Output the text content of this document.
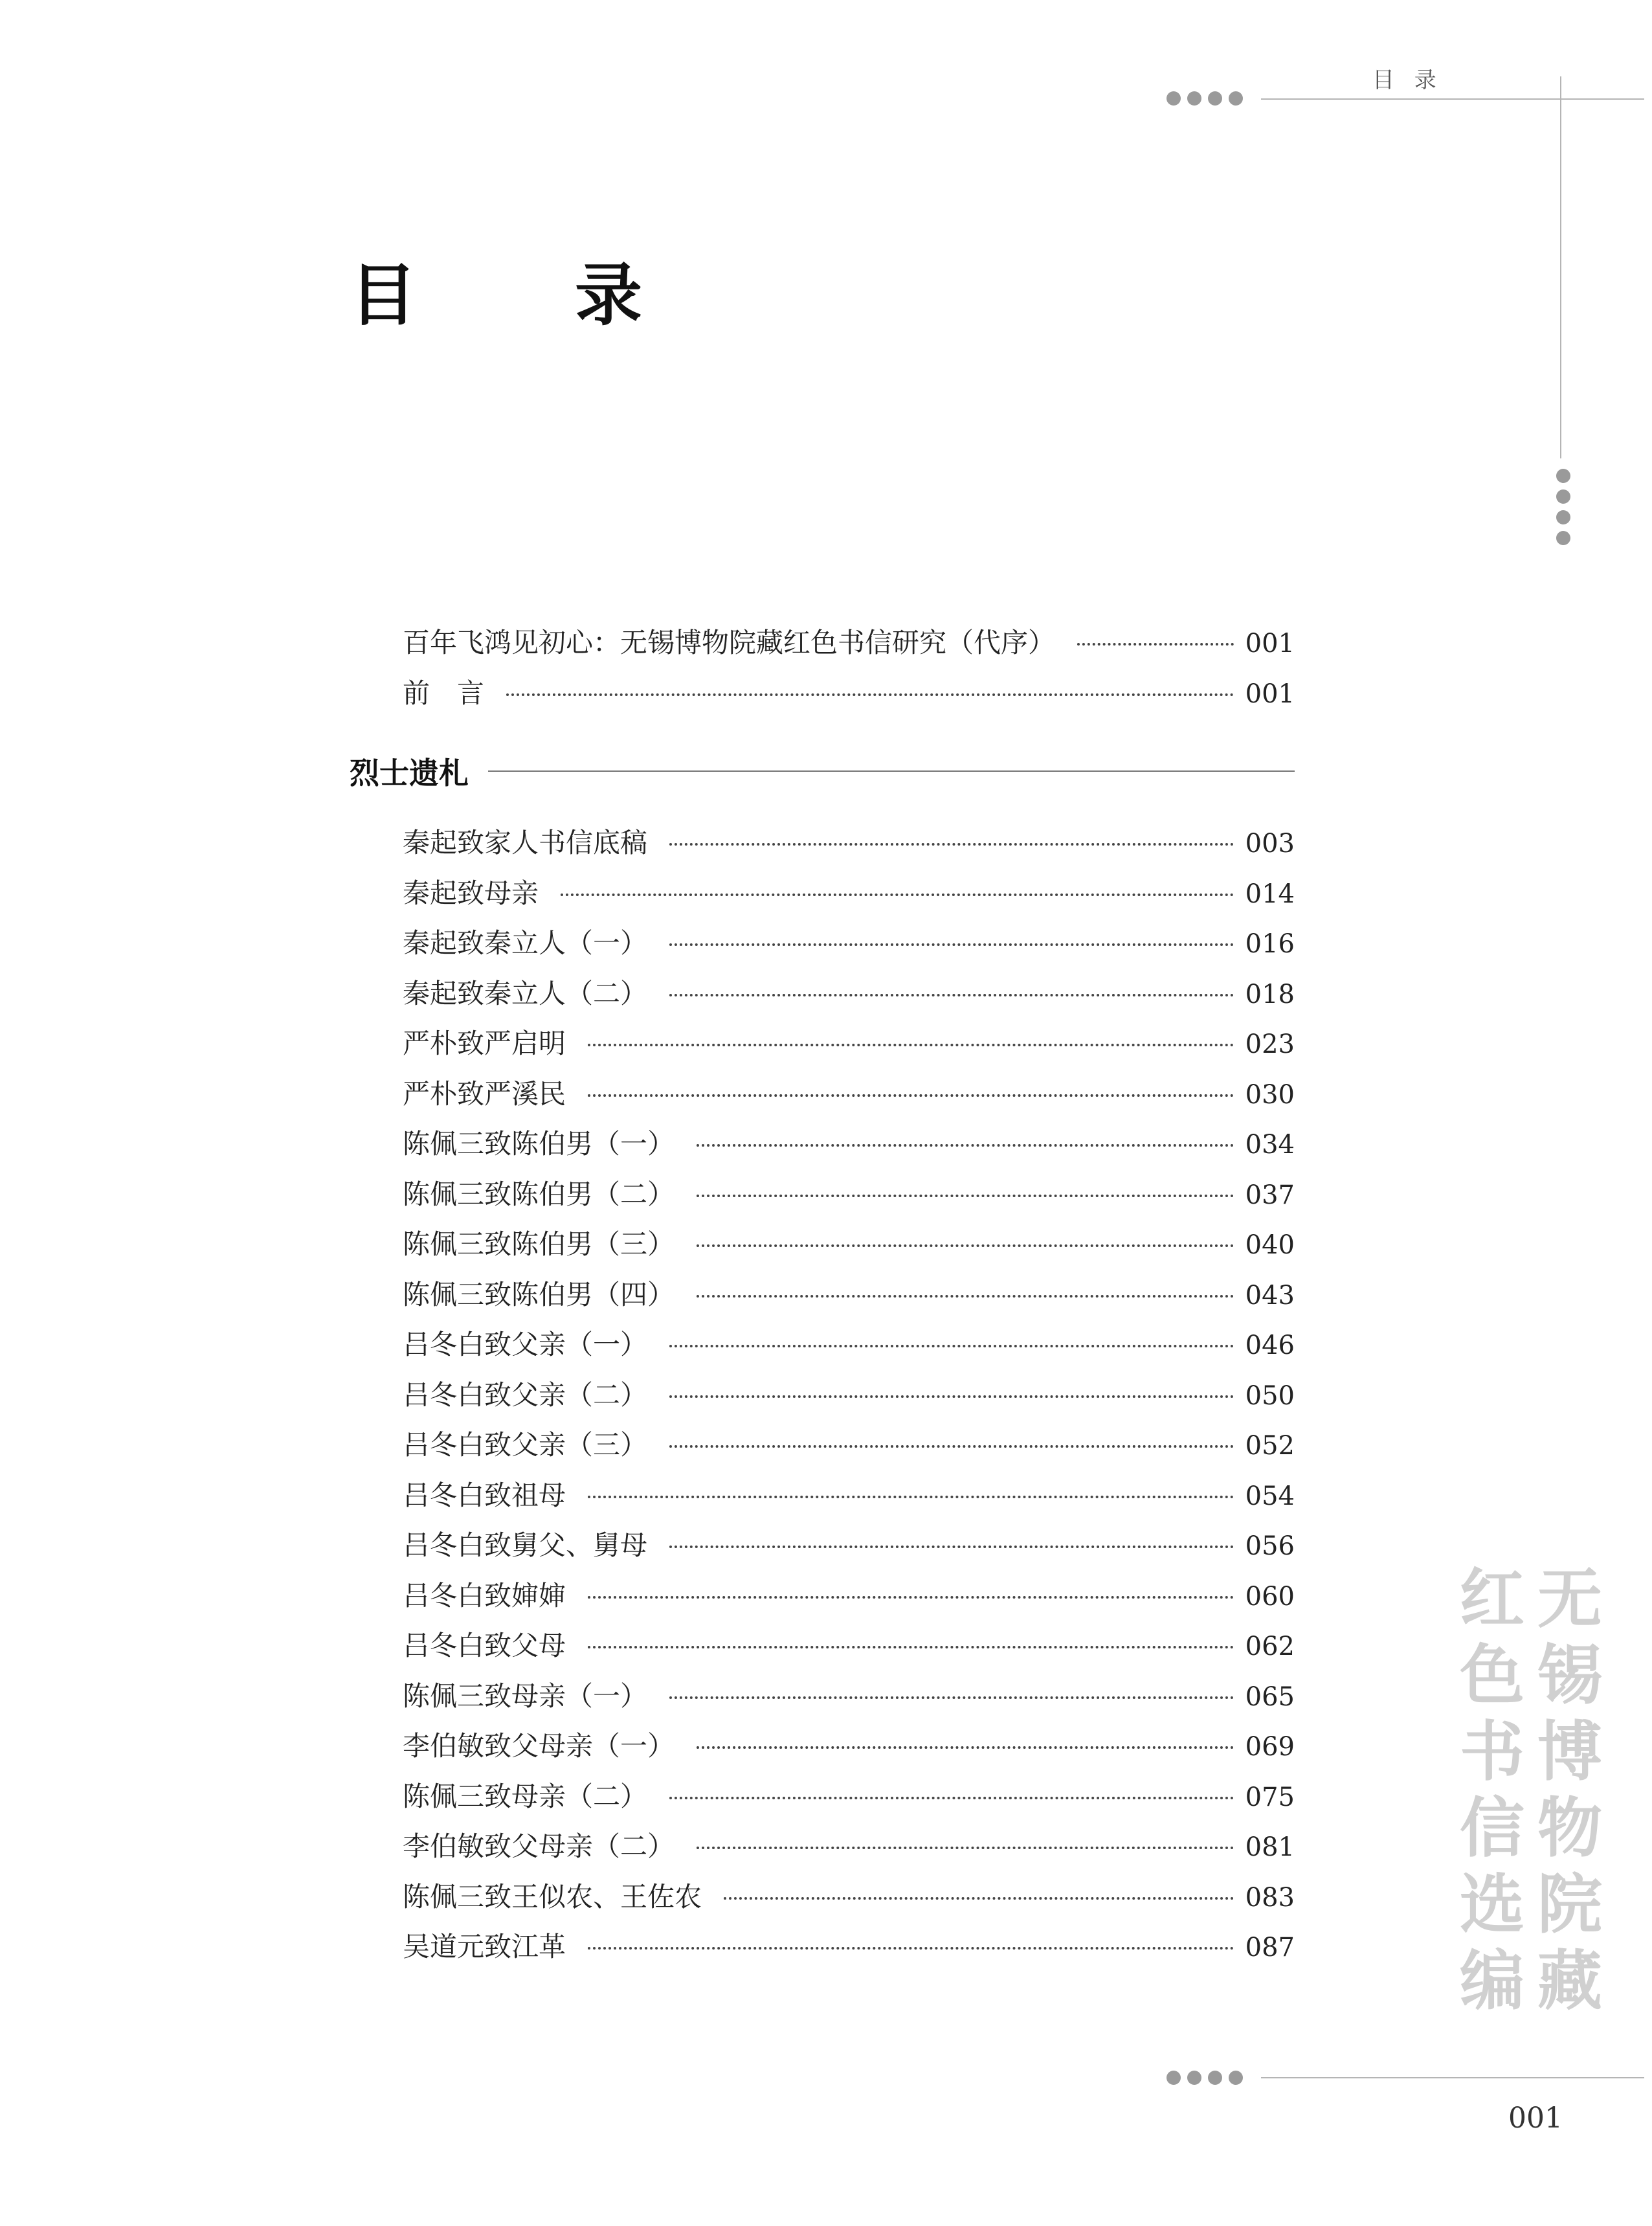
目 录
目　录
百年飞鸿见初心：无锡博物院藏红色书信研究（代序）	001
前　言	001
烈士遗札
秦起致家人书信底稿	003
秦起致母亲	014
秦起致秦立人（一）	016
秦起致秦立人（二）	018
严朴致严启明	023
严朴致严溪民	030
陈佩三致陈伯男（一）	034
陈佩三致陈伯男（二）	037
陈佩三致陈伯男（三）	040
陈佩三致陈伯男（四）	043
吕冬白致父亲（一）	046
吕冬白致父亲（二）	050
吕冬白致父亲（三）	052
吕冬白致祖母	054
吕冬白致舅父、舅母	056
吕冬白致婶婶	060
吕冬白致父母	062
陈佩三致母亲（一）	065
李伯敏致父母亲（一）	069
陈佩三致母亲（二）	075
李伯敏致父母亲（二）	081
陈佩三致王似农、王佐农	083
吴道元致江革	087
无
锡
博
物
院
藏
红
色
书
信
选
编
001
